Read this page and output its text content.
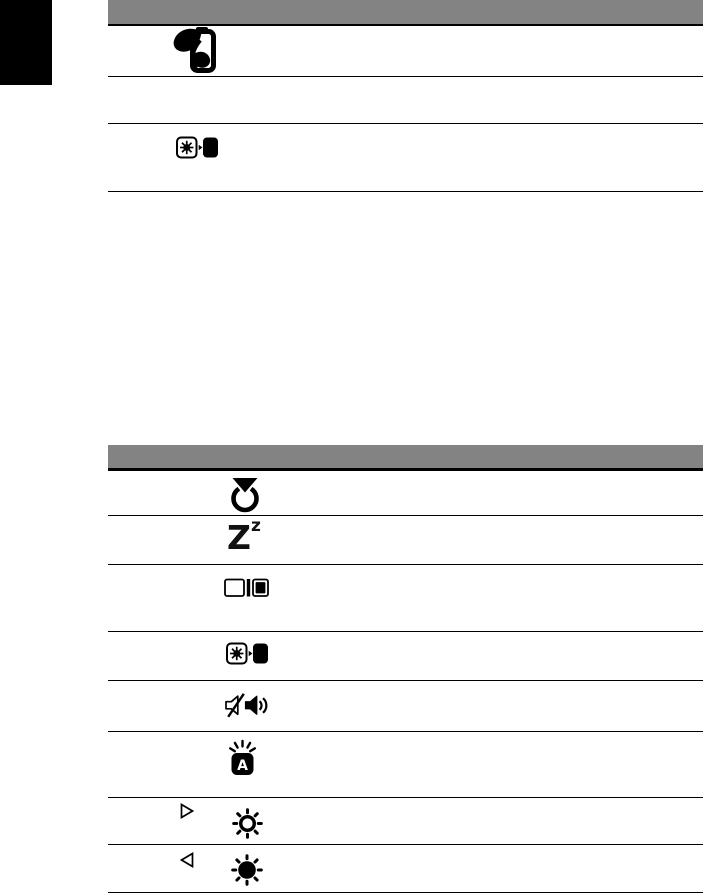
Z z
A
